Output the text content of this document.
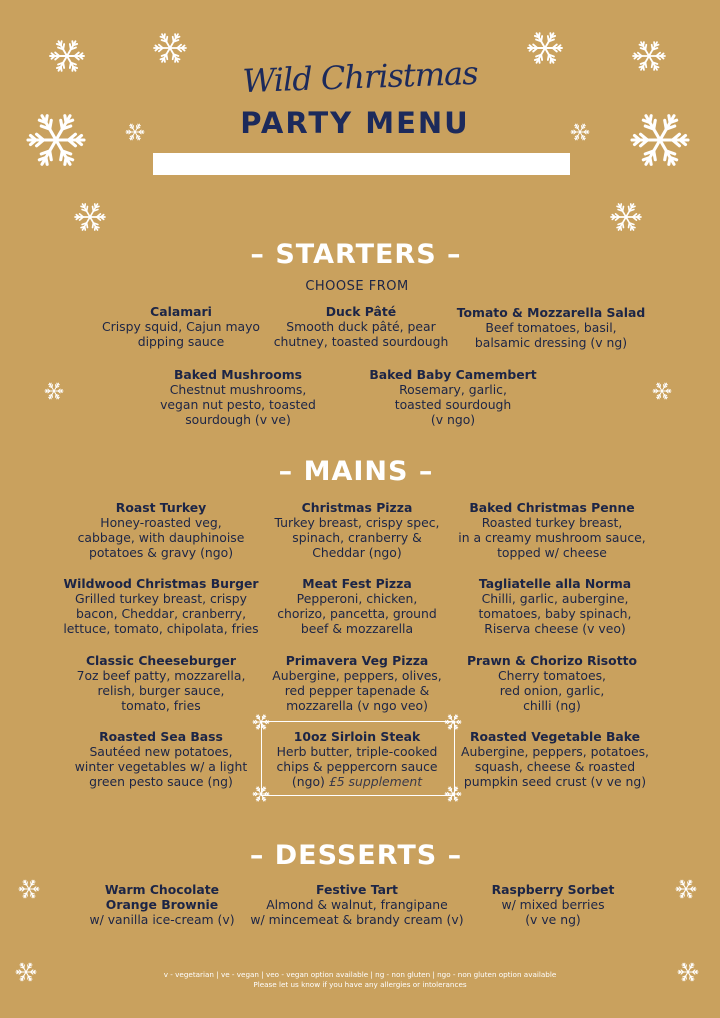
Wild Christmas
PARTY MENU
– STARTERS –
CHOOSE FROM
Calamari
Crispy squid, Cajun mayo
dipping sauce
Duck Pâté
Smooth duck pâté, pear
chutney, toasted sourdough
Tomato & Mozzarella Salad
Beef tomatoes, basil,
balsamic dressing (v ng)
Baked Mushrooms
Chestnut mushrooms,
vegan nut pesto, toasted
sourdough (v ve)
Baked Baby Camembert
Rosemary, garlic,
toasted sourdough
(v ngo)
– MAINS –
Roast Turkey
Honey-roasted veg,
cabbage, with dauphinoise
potatoes & gravy (ngo)
Christmas Pizza
Turkey breast, crispy spec,
spinach, cranberry &
Cheddar (ngo)
Baked Christmas Penne
Roasted turkey breast,
in a creamy mushroom sauce,
topped w/ cheese
Wildwood Christmas Burger
Grilled turkey breast, crispy
bacon, Cheddar, cranberry,
lettuce, tomato, chipolata, fries
Meat Fest Pizza
Pepperoni, chicken,
chorizo, pancetta, ground
beef & mozzarella
Tagliatelle alla Norma
Chilli, garlic, aubergine,
tomatoes, baby spinach,
Riserva cheese (v veo)
Classic Cheeseburger
7oz beef patty, mozzarella,
relish, burger sauce,
tomato, fries
Primavera Veg Pizza
Aubergine, peppers, olives,
red pepper tapenade &
mozzarella (v ngo veo)
Prawn & Chorizo Risotto
Cherry tomatoes,
red onion, garlic,
chilli (ng)
Roasted Sea Bass
Sautéed new potatoes,
winter vegetables w/ a light
green pesto sauce (ng)
10oz Sirloin Steak
Herb butter, triple-cooked
chips & peppercorn sauce
(ngo) £5 supplement
Roasted Vegetable Bake
Aubergine, peppers, potatoes,
squash, cheese & roasted
pumpkin seed crust (v ve ng)
– DESSERTS –
Warm Chocolate
Orange Brownie
w/ vanilla ice-cream (v)
Festive Tart
Almond & walnut, frangipane
w/ mincemeat & brandy cream (v)
Raspberry Sorbet
w/ mixed berries
(v ve ng)
v - vegetarian | ve - vegan | veo - vegan option available | ng - non gluten | ngo - non gluten option available
Please let us know if you have any allergies or intolerances
